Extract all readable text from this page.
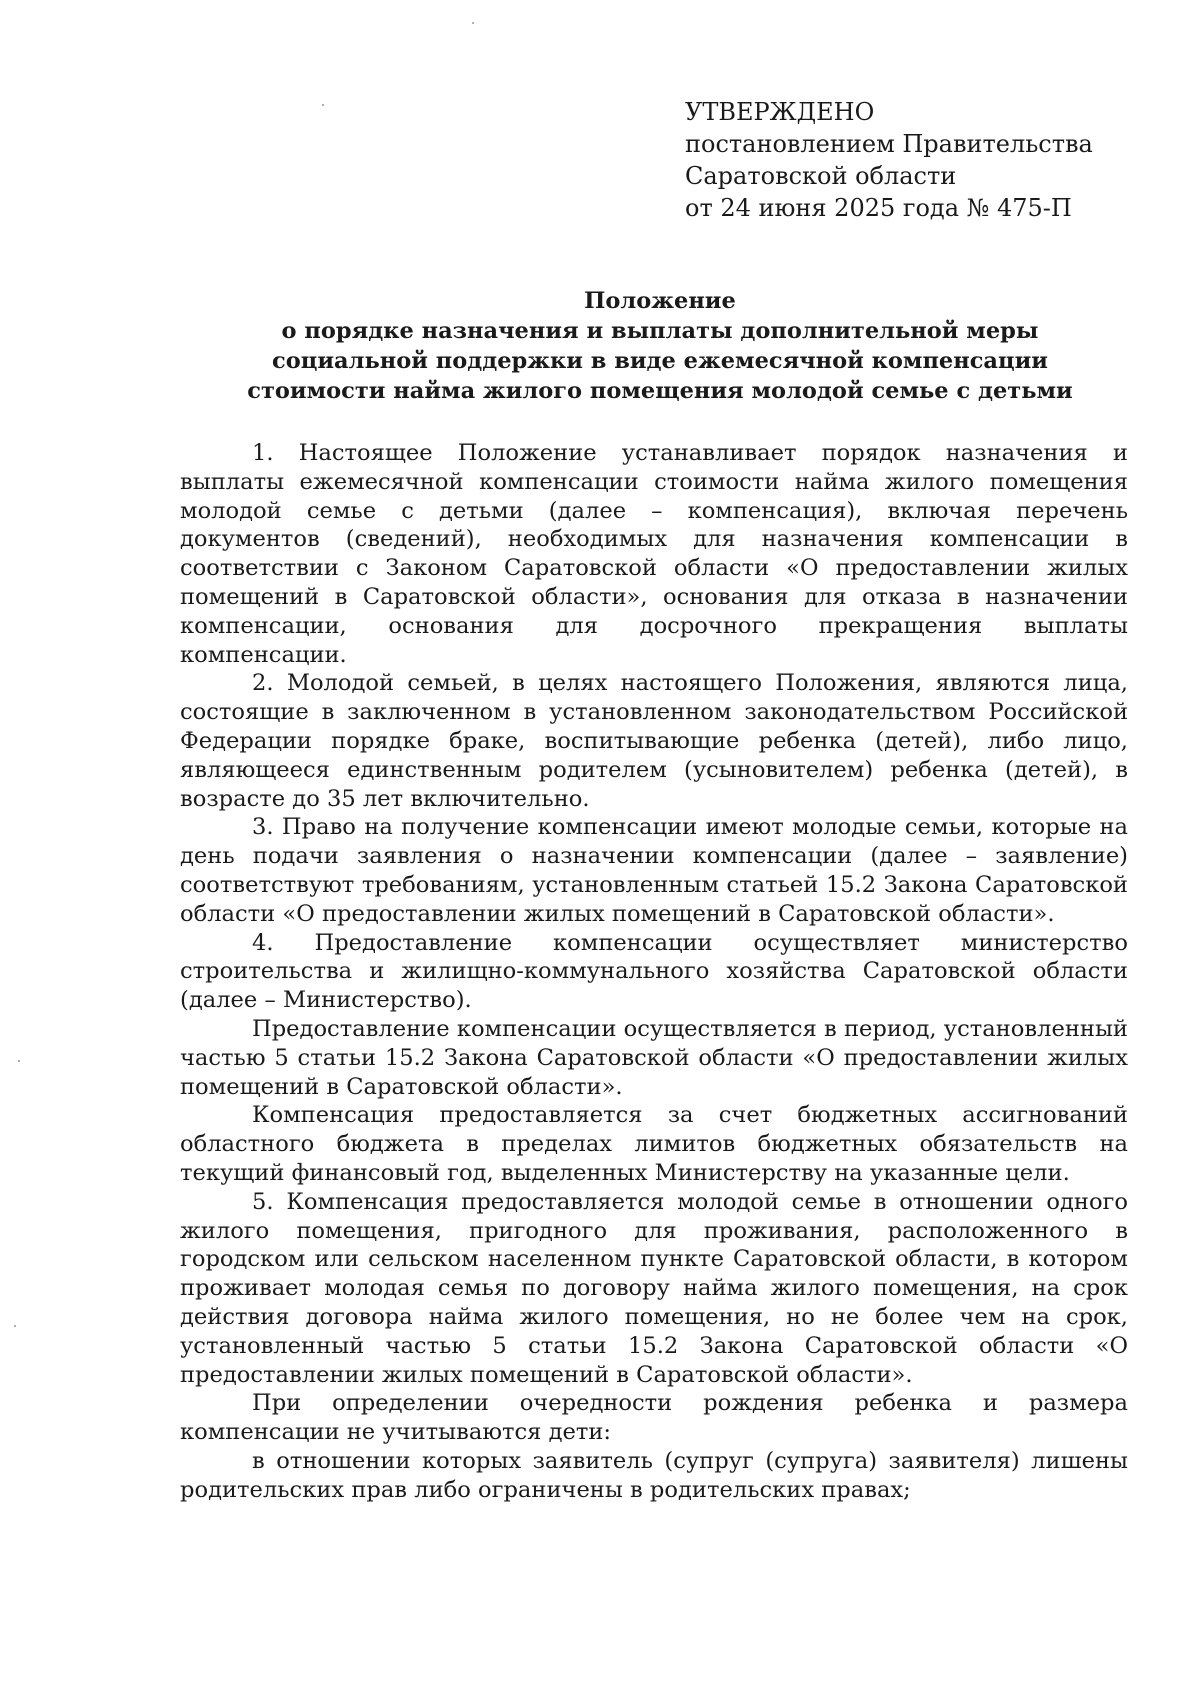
УТВЕРЖДЕНО
постановлением Правительства
Саратовской области
от 24 июня 2025 года № 475-П
Положение
о порядке назначения и выплаты дополнительной меры
социальной поддержки в виде ежемесячной компенсации
стоимости найма жилого помещения молодой семье с детьми

1. Настоящее Положение устанавливает порядок назначения и выплаты ежемесячной компенсации стоимости найма жилого помещения молодой семье с детьми (далее – компенсация), включая перечень документов (сведений), необходимых для назначения компенсации в соответствии с Законом Саратовской области «О предоставлении жилых помещений в Саратовской области», основания для отказа в назначении компенсации, основания для досрочного прекращения выплаты компенсации.

2. Молодой семьей, в целях настоящего Положения, являются лица, состоящие в заключенном в установленном законодательством Российской Федерации порядке браке, воспитывающие ребенка (детей), либо лицо, являющееся единственным родителем (усыновителем) ребенка (детей), в возрасте до 35 лет включительно.

3. Право на получение компенсации имеют молодые семьи, которые на день подачи заявления о назначении компенсации (далее – заявление) соответствуют требованиям, установленным статьей 15.2 Закона Саратовской области «О предоставлении жилых помещений в Саратовской области».

4. Предоставление компенсации осуществляет министерство строительства и жилищно-коммунального хозяйства Саратовской области (далее – Министерство).

Предоставление компенсации осуществляется в период, установленный частью 5 статьи 15.2 Закона Саратовской области «О предоставлении жилых помещений в Саратовской области».

Компенсация предоставляется за счет бюджетных ассигнований областного бюджета в пределах лимитов бюджетных обязательств на текущий финансовый год, выделенных Министерству на указанные цели.

5. Компенсация предоставляется молодой семье в отношении одного жилого помещения, пригодного для проживания, расположенного в городском или сельском населенном пункте Саратовской области, в котором проживает молодая семья по договору найма жилого помещения, на срок действия договора найма жилого помещения, но не более чем на срок, установленный частью 5 статьи 15.2 Закона Саратовской области «О предоставлении жилых помещений в Саратовской области».

При определении очередности рождения ребенка и размера компенсации не учитываются дети:

в отношении которых заявитель (супруг (супруга) заявителя) лишены родительских прав либо ограничены в родительских правах;
